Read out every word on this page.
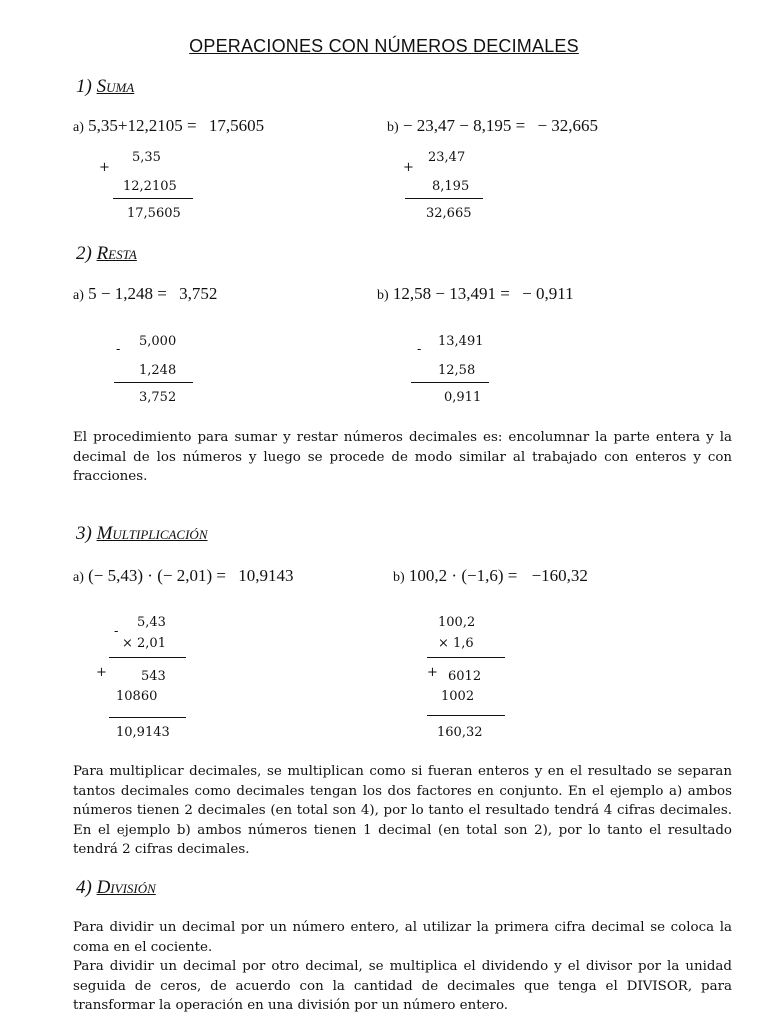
OPERACIONES CON NÚMEROS DECIMALES
1) Suma
a) 5,35+12,2105 = 17,5605
+
5,35
12,2105
17,5605
b) − 23,47 − 8,195 = − 32,665
+
23,47
8,195
32,665
2) Resta
a) 5 − 1,248 = 3,752
-
5,000
1,248
3,752
b) 12,58 − 13,491 = − 0,911
-
13,491
12,58
0,911
El procedimiento para sumar y restar números decimales es: encolumnar la parte entera y la decimal de los números y luego se procede de modo similar al trabajado con enteros y con fracciones.
3) Multiplicación
a) (− 5,43) · (− 2,01) = 10,9143
5,43
-
× 2,01
+	543
10860
10,9143
b) 100,2 · (−1,6) = −160,32
100,2
× 1,6
+ 6012
1002
160,32
Para multiplicar decimales, se multiplican como si fueran enteros y en el resultado se separan tantos decimales como decimales tengan los dos factores en conjunto. En el ejemplo a) ambos números tienen 2 decimales (en total son 4), por lo tanto el resultado tendrá 4 cifras decimales. En el ejemplo b) ambos números tienen 1 decimal (en total son 2), por lo tanto el resultado tendrá 2 cifras decimales.
4) División
Para dividir un decimal por un número entero, al utilizar la primera cifra decimal se coloca la coma en el cociente.
Para dividir un decimal por otro decimal, se multiplica el dividendo y el divisor por la unidad seguida de ceros, de acuerdo con la cantidad de decimales que tenga el DIVISOR, para transformar la operación en una división por un número entero.
